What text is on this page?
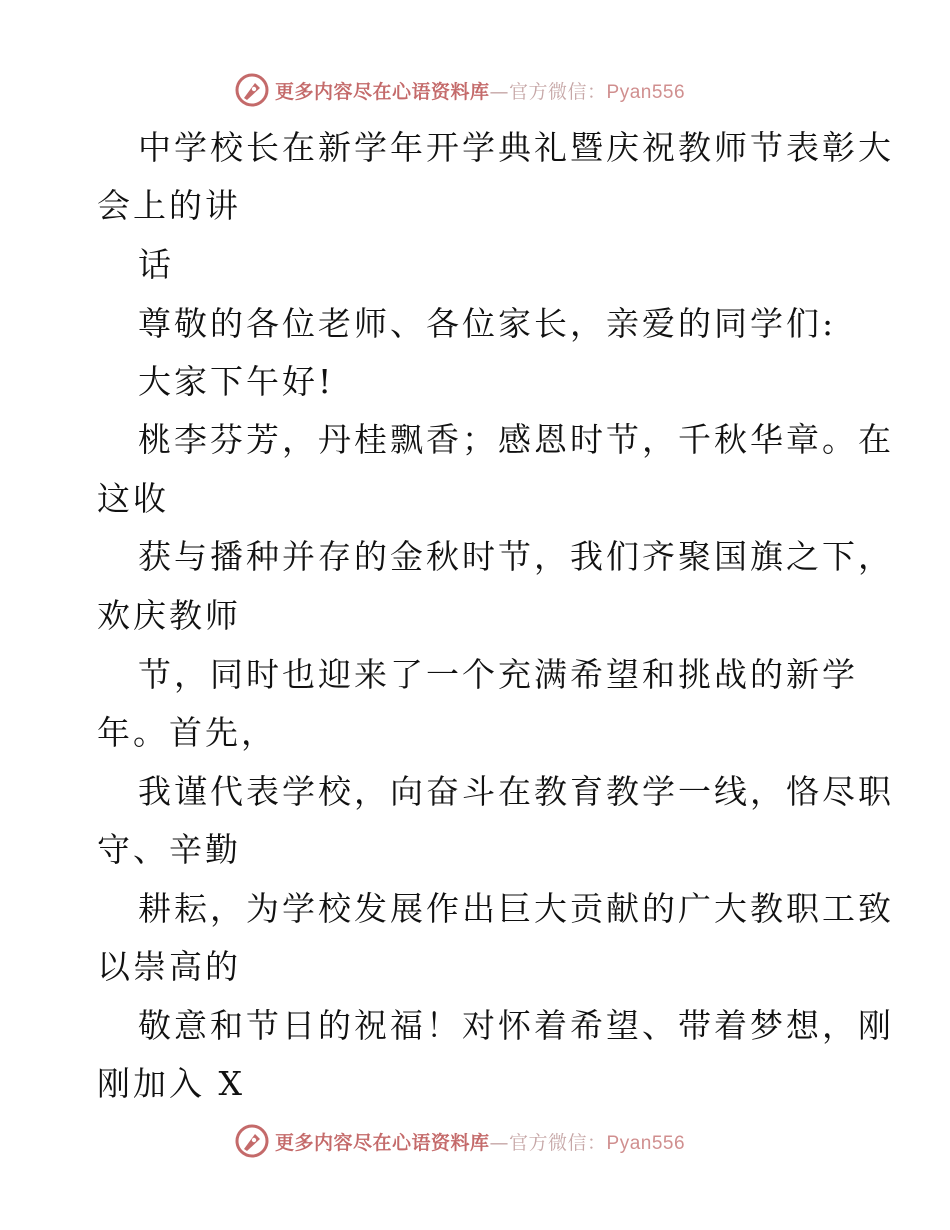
更多内容尽在心语资料库—官方微信：Pyan556
中学校长在新学年开学典礼暨庆祝教师节表彰大
会上的讲
话
尊敬的各位老师、各位家长，亲爱的同学们:
大家下午好!
桃李芬芳，丹桂飘香；感恩时节，千秋华章。在
这收
获与播种并存的金秋时节，我们齐聚国旗之下，
欢庆教师
节，同时也迎来了一个充满希望和挑战的新学
年。首先，
我谨代表学校，向奋斗在教育教学一线，恪尽职
守、辛勤
耕耘，为学校发展作出巨大贡献的广大教职工致
以崇高的
敬意和节日的祝福！对怀着希望、带着梦想，刚
刚加入 X
更多内容尽在心语资料库—官方微信：Pyan556
